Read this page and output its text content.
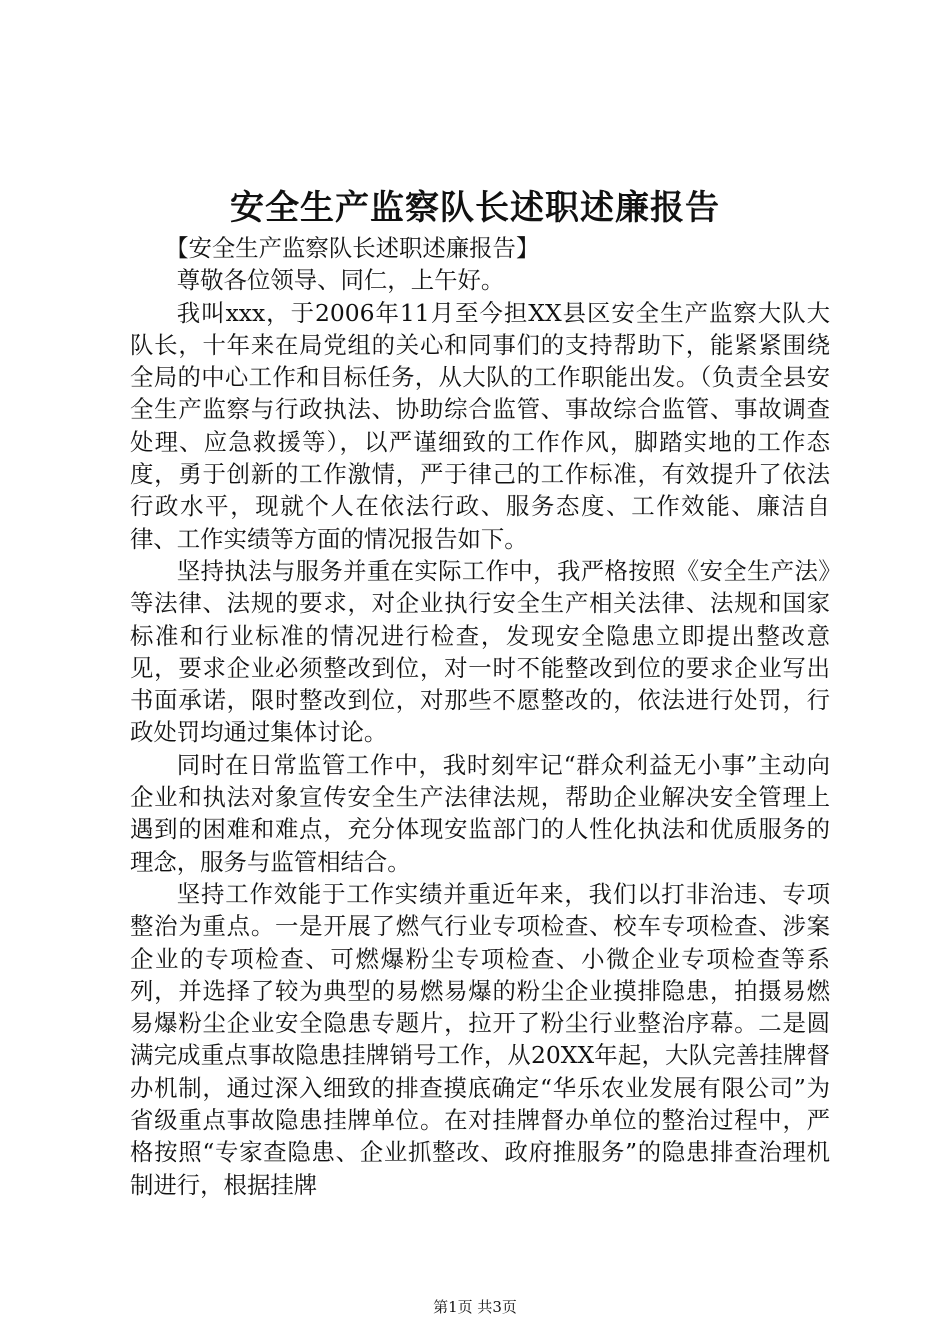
安全生产监察队长述职述廉报告

【安全生产监察队长述职述廉报告】

尊敬各位领导、同仁，上午好。

我叫xxx，于2006年11月至今担XX县区安全生产监察大队大队长，十年来在局党组的关心和同事们的支持帮助下，能紧紧围绕全局的中心工作和目标任务，从大队的工作职能出发。（负责全县安全生产监察与行政执法、协助综合监管、事故综合监管、事故调查处理、应急救援等），以严谨细致的工作作风，脚踏实地的工作态度，勇于创新的工作激情，严于律己的工作标准，有效提升了依法行政水平，现就个人在依法行政、服务态度、工作效能、廉洁自律、工作实绩等方面的情况报告如下。

坚持执法与服务并重在实际工作中，我严格按照《安全生产法》等法律、法规的要求，对企业执行安全生产相关法律、法规和国家标准和行业标准的情况进行检查，发现安全隐患立即提出整改意见，要求企业必须整改到位，对一时不能整改到位的要求企业写出书面承诺，限时整改到位，对那些不愿整改的，依法进行处罚，行政处罚均通过集体讨论。

同时在日常监管工作中，我时刻牢记“群众利益无小事”主动向企业和执法对象宣传安全生产法律法规，帮助企业解决安全管理上遇到的困难和难点，充分体现安监部门的人性化执法和优质服务的理念，服务与监管相结合。

坚持工作效能于工作实绩并重近年来，我们以打非治违、专项整治为重点。一是开展了燃气行业专项检查、校车专项检查、涉案企业的专项检查、可燃爆粉尘专项检查、小微企业专项检查等系列，并选择了较为典型的易燃易爆的粉尘企业摸排隐患，拍摄易燃易爆粉尘企业安全隐患专题片，拉开了粉尘行业整治序幕。二是圆满完成重点事故隐患挂牌销号工作，从20XX年起，大队完善挂牌督办机制，通过深入细致的排查摸底确定“华乐农业发展有限公司”为省级重点事故隐患挂牌单位。在对挂牌督办单位的整治过程中，严格按照“专家查隐患、企业抓整改、政府推服务”的隐患排查治理机制进行，根据挂牌

第1页 共3页
